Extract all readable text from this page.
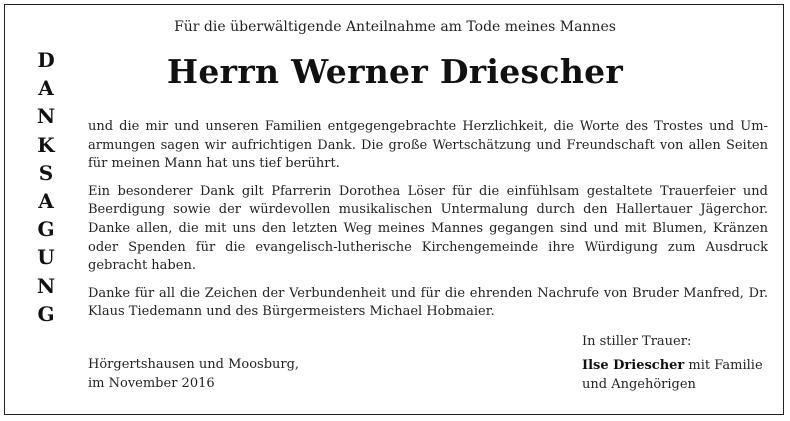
D
A
N
K
S
A
G
U
N
G
Für die überwältigende Anteilnahme am Tode meines Mannes
Herrn Werner Driescher

und die mir und unseren Familien entgegengebrachte Herzlichkeit, die Worte des Trostes und Umarmungen sagen wir aufrichtigen Dank. Die große Wertschätzung und Freundschaft von allen Seiten für meinen Mann hat uns tief berührt.

Ein besonderer Dank gilt Pfarrerin Dorothea Löser für die einfühlsam gestaltete Trauerfeier und Beerdigung sowie der würdevollen musikalischen Untermalung durch den Hallertauer Jägerchor. Danke allen, die mit uns den letzten Weg meines Mannes gegangen sind und mit Blumen, Kränzen oder Spenden für die evangelisch-lutherische Kirchengemeinde ihre Würdigung zum Ausdruck gebracht haben.

Danke für all die Zeichen der Verbundenheit und für die ehrenden Nachrufe von Bruder Manfred, Dr. Klaus Tiedemann und des Bürgermeisters Michael Hobmaier.

Hörgertshausen und Moosburg,
im November 2016
In stiller Trauer:
Ilse Driescher mit Familie
und Angehörigen
